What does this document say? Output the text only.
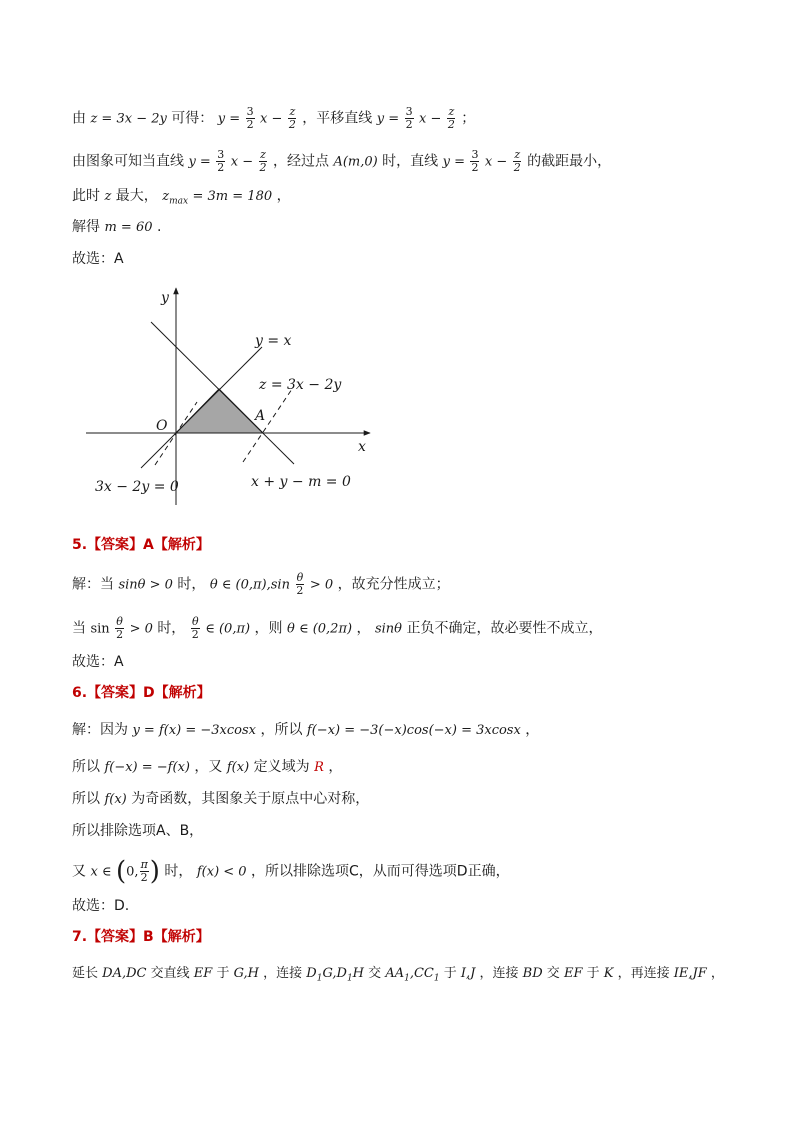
由 z = 3x − 2y 可得： $y = \frac{3}{2}$ $x - \frac{z}{2}$ ，平移直线 $y = \frac{3}{2}$ $x - \frac{z}{2}$ ；
由图象可知当直线 $y = \frac{3}{2}$ $x - \frac{z}{2}$ ，经过点 A(m,0) 时，直线 $y = \frac{3}{2}$ $x - \frac{z}{2}$ 的截距最小，
此时 z 最大， $z_{max} = 3m = 180$ ，
解得 m = 60 .
故选：A
y
x
y = x
z = 3x − 2y
A
O
3x − 2y = 0	x + y − m = 0
5.【答案】A【解析】
解：当 sinθ > 0 时， θ ∈ $(0,\pi),\sin \frac{\theta}{2} > 0$ ，故充分性成立；
当 $\sin \frac{\theta}{2} > 0$ 时， $\frac{\theta}{2}$ ∈ (0,π) ，则 θ ∈ (0,2π) ， sinθ 正负不确定，故必要性不成立，
故选：A
6.【答案】D【解析】
解：因为 y = f(x) = −3xcosx ，所以 f(−x) = −3(−x)cos(−x) = 3xcosx ，
所以 f(−x) = −f(x) ，又 f(x) 定义域为 R ，
所以 f(x) 为奇函数，其图象关于原点中心对称，
所以排除选项A、B，
又 x ∈ (0, $\frac{\pi}{2}$ ) 时， f(x) < 0 ，所以排除选项C，从而可得选项D正确，
故选：D.
7.【答案】B【解析】
延长 DA,DC 交直线 EF 于 G,H ，连接 $D_1G,D_1H$ 交 $AA_1,CC_1$ 于 I,J ，连接 BD 交 EF 于 K ，再连接 IE,JF ，
